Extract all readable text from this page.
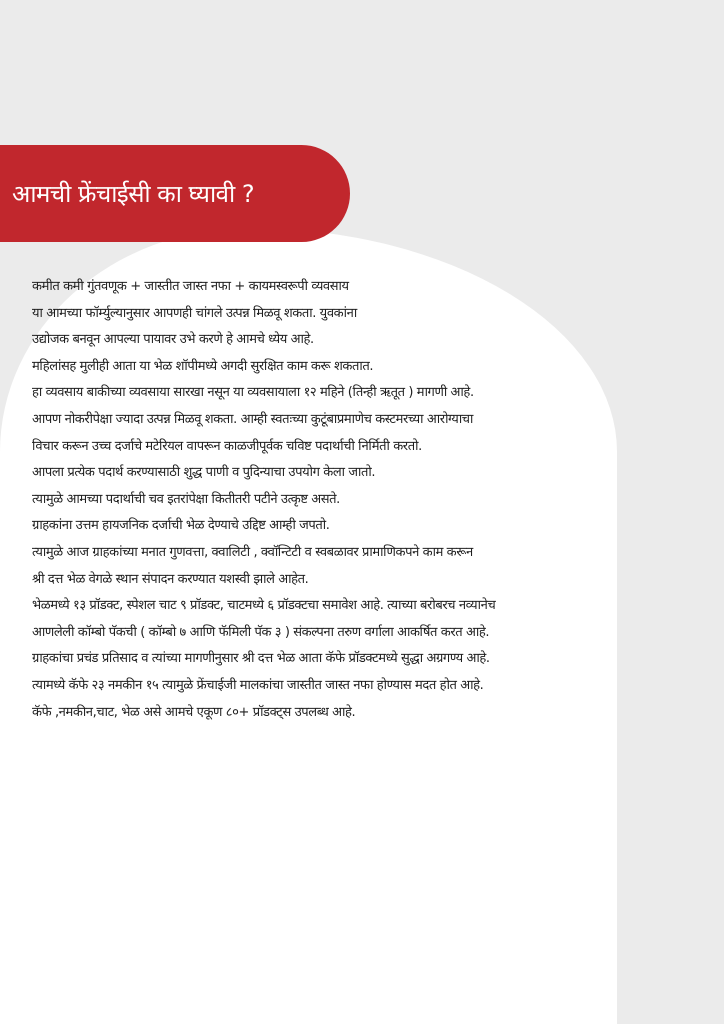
आमची फ्रेंचाईसी का घ्यावी ?

कमीत कमी गुंतवणूक + जास्तीत जास्त नफा + कायमस्वरूपी व्यवसाय

या आमच्या फॉर्म्युल्यानुसार आपणही चांगले उत्पन्न मिळवू शकता. युवकांना

उद्योजक बनवून आपल्या पायावर उभे करणे हे आमचे ध्येय आहे.

महिलांसह मुलीही आता या भेळ शॉपीमध्ये अगदी सुरक्षित काम करू शकतात.

हा व्यवसाय बाकीच्या व्यवसाया सारखा नसून या व्यवसायाला १२ महिने (तिन्ही ऋतूत ) मागणी आहे.

आपण नोकरीपेक्षा ज्यादा उत्पन्न मिळवू शकता. आम्ही स्वतःच्या कुटूंबाप्रमाणेच कस्टमरच्या आरोग्याचा

विचार करून उच्च दर्जाचे मटेरियल वापरून काळजीपूर्वक चविष्ट पदार्थाची निर्मिती करतो.

आपला प्रत्येक पदार्थ करण्यासाठी शुद्ध पाणी व पुदिन्याचा उपयोग केला जातो.

त्यामुळे आमच्या पदार्थाची चव इतरांपेक्षा कितीतरी पटीने उत्कृष्ट असते.

ग्राहकांना उत्तम हायजनिक दर्जाची भेळ देण्याचे उद्दिष्ट आम्ही जपतो.

त्यामुळे आज ग्राहकांच्या मनात गुणवत्ता, क्वालिटी , क्वॉन्टिटी व स्वबळावर प्रामाणिकपने काम करून

श्री दत्त भेळ वेगळे स्थान संपादन करण्यात यशस्वी झाले आहेत.

भेळमध्ये १३ प्रॉडक्ट, स्पेशल चाट ९ प्रॉडक्ट, चाटमध्ये ६ प्रॉडक्टचा समावेश आहे. त्याच्या बरोबरच नव्यानेच

आणलेली कॉम्बो पॅकची ( कॉम्बो ७ आणि फॅमिली पॅक ३ ) संकल्पना तरुण वर्गाला आकर्षित करत आहे.

ग्राहकांचा प्रचंड प्रतिसाद व त्यांच्या मागणीनुसार श्री दत्त भेळ आता कॅफे प्रॉडक्टमध्ये सुद्धा अग्रगण्य आहे.

त्यामध्ये कॅफे २३ नमकीन १५ त्यामुळे फ्रेंचाईजी मालकांचा जास्तीत जास्त नफा होण्यास मदत होत आहे.

कॅफे ,नमकीन,चाट, भेळ असे आमचे एकूण ८०+ प्रॉडक्ट्स उपलब्ध आहे.
